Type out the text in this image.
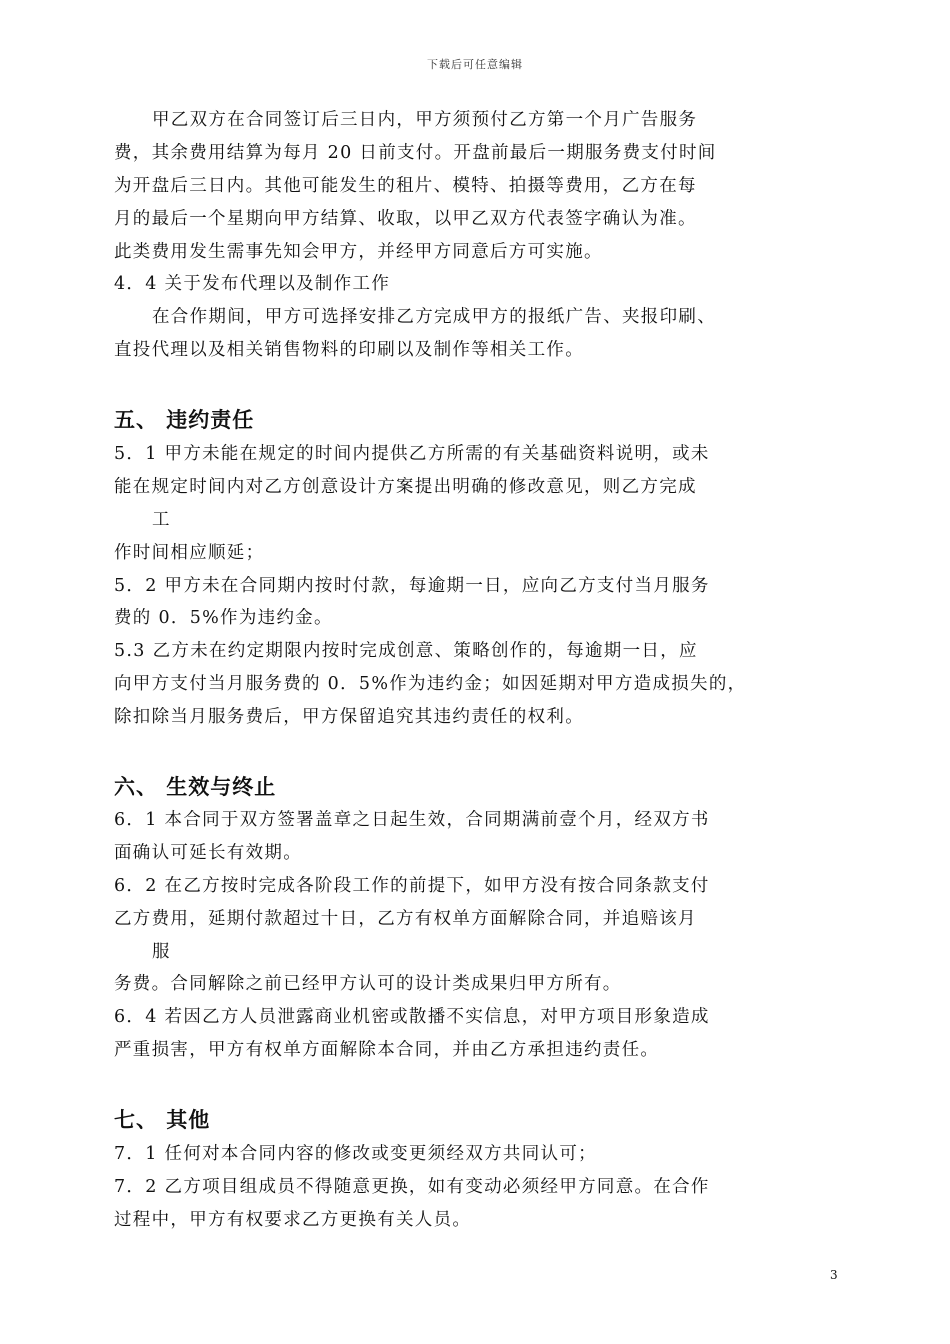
下载后可任意编辑
甲乙双方在合同签订后三日内，甲方须预付乙方第一个月广告服务
费，其余费用结算为每月 20 日前支付。开盘前最后一期服务费支付时间
为开盘后三日内。其他可能发生的租片、模特、拍摄等费用，乙方在每
月的最后一个星期向甲方结算、收取，以甲乙双方代表签字确认为准。
此类费用发生需事先知会甲方，并经甲方同意后方可实施。
4．4 关于发布代理以及制作工作
在合作期间，甲方可选择安排乙方完成甲方的报纸广告、夹报印刷、
直投代理以及相关销售物料的印刷以及制作等相关工作。
五、 违约责任
5．1 甲方未能在规定的时间内提供乙方所需的有关基础资料说明，或未
能在规定时间内对乙方创意设计方案提出明确的修改意见，则乙方完成
工
作时间相应顺延；
5．2 甲方未在合同期内按时付款，每逾期一日，应向乙方支付当月服务
费的 0．5%作为违约金。
5.3 乙方未在约定期限内按时完成创意、策略创作的，每逾期一日，应
向甲方支付当月服务费的 0．5%作为违约金；如因延期对甲方造成损失的，
除扣除当月服务费后，甲方保留追究其违约责任的权利。
六、 生效与终止
6．1 本合同于双方签署盖章之日起生效，合同期满前壹个月，经双方书
面确认可延长有效期。
6．2 在乙方按时完成各阶段工作的前提下，如甲方没有按合同条款支付
乙方费用，延期付款超过十日，乙方有权单方面解除合同，并追赔该月
服
务费。合同解除之前已经甲方认可的设计类成果归甲方所有。
6．4 若因乙方人员泄露商业机密或散播不实信息，对甲方项目形象造成
严重损害，甲方有权单方面解除本合同，并由乙方承担违约责任。
七、 其他
7．1 任何对本合同内容的修改或变更须经双方共同认可；
7．2 乙方项目组成员不得随意更换，如有变动必须经甲方同意。在合作
过程中，甲方有权要求乙方更换有关人员。
3
